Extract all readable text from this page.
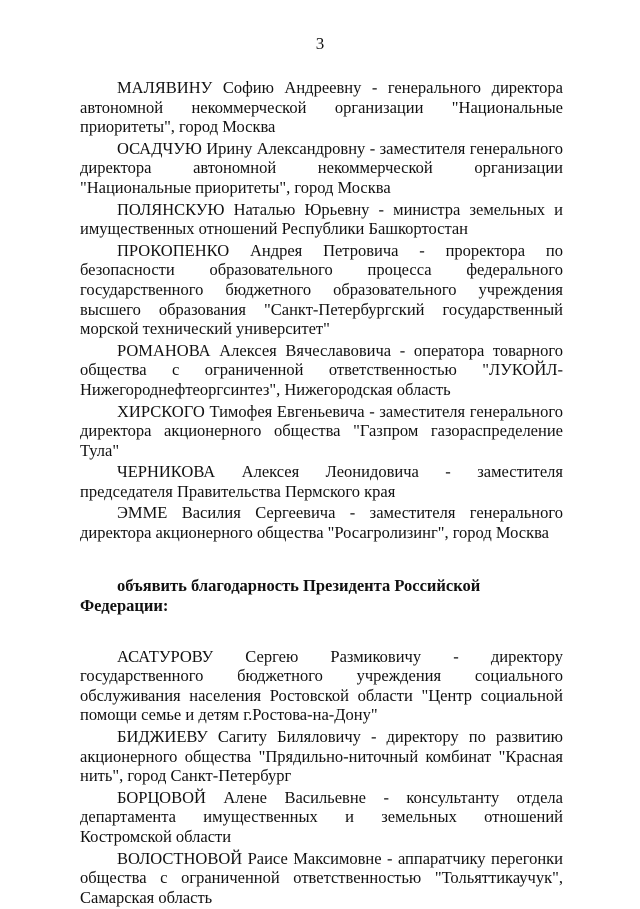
3

МАЛЯВИНУ Софию Андреевну - генерального директора автономной некоммерческой организации "Национальные приоритеты", город Москва

ОСАДЧУЮ Ирину Александровну - заместителя генерального директора автономной некоммерческой организации "Национальные приоритеты", город Москва

ПОЛЯНСКУЮ Наталью Юрьевну - министра земельных и имущественных отношений Республики Башкортостан

ПРОКОПЕНКО Андрея Петровича - проректора по безопасности образовательного процесса федерального государственного бюджетного образовательного учреждения высшего образования "Санкт-Петербургский государственный морской технический университет"

РОМАНОВА Алексея Вячеславовича - оператора товарного общества с ограниченной ответственностью "ЛУКОЙЛ-Нижегороднефтеоргсинтез", Нижегородская область

ХИРСКОГО Тимофея Евгеньевича - заместителя генерального директора акционерного общества "Газпром газораспределение Тула"

ЧЕРНИКОВА Алексея Леонидовича - заместителя председателя Правительства Пермского края

ЭММЕ Василия Сергеевича - заместителя генерального директора акционерного общества "Росагролизинг", город Москва

объявить благодарность Президента Российской Федерации:

АСАТУРОВУ Сергею Размиковичу - директору государственного бюджетного учреждения социального обслуживания населения Ростовской области "Центр социальной помощи семье и детям г.Ростова-на-Дону"

БИДЖИЕВУ Сагиту Биляловичу - директору по развитию акционерного общества "Прядильно-ниточный комбинат "Красная нить", город Санкт-Петербург

БОРЦОВОЙ Алене Васильевне - консультанту отдела департамента имущественных и земельных отношений Костромской области

ВОЛОСТНОВОЙ Раисе Максимовне - аппаратчику перегонки общества с ограниченной ответственностью "Тольяттикаучук", Самарская область
